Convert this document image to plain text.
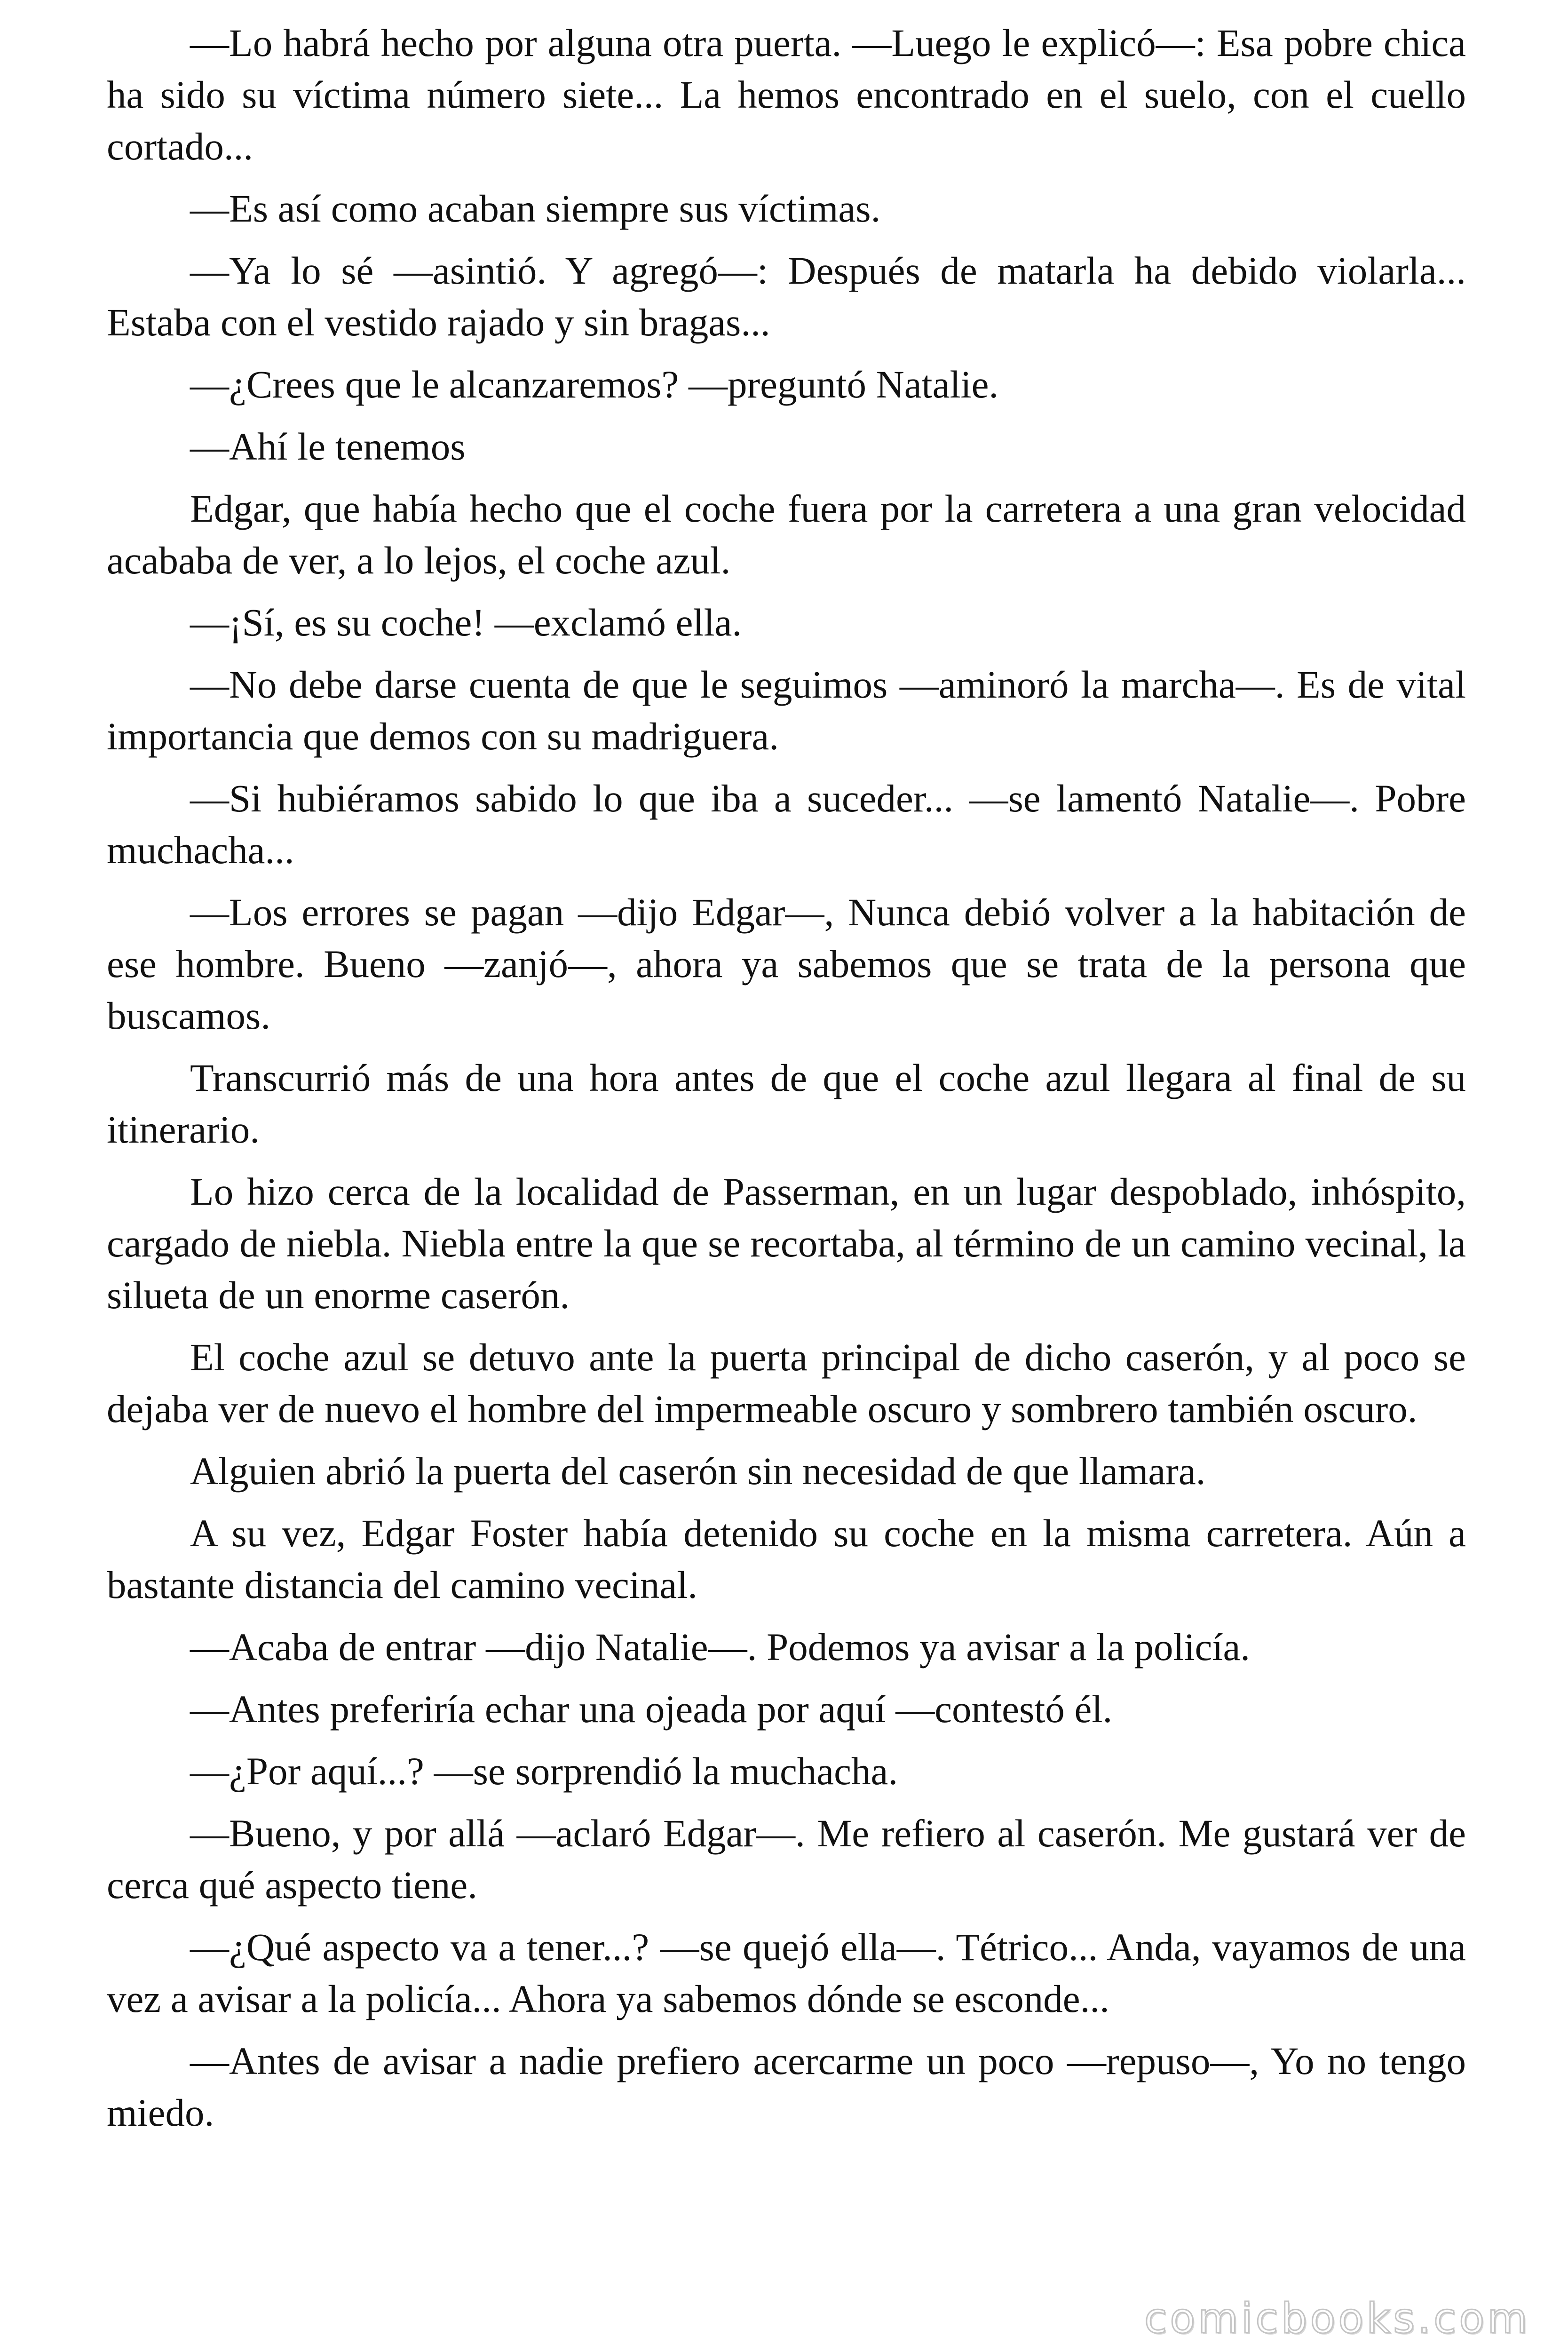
—Lo habrá hecho por alguna otra puerta. —Luego le explicó—: Esa pobre chica ha sido su víctima número siete... La hemos encontrado en el suelo, con el cuello cortado...

—Es así como acaban siempre sus víctimas.

—Ya lo sé —asintió. Y agregó—: Después de matarla ha debido violarla... Estaba con el vestido rajado y sin bragas...

—¿Crees que le alcanzaremos? —preguntó Natalie.

—Ahí le tenemos

Edgar, que había hecho que el coche fuera por la carretera a una gran velocidad acababa de ver, a lo lejos, el coche azul.

—¡Sí, es su coche! —exclamó ella.

—No debe darse cuenta de que le seguimos —aminoró la marcha—. Es de vital importancia que demos con su madriguera.

—Si hubiéramos sabido lo que iba a suceder... —se lamentó Natalie—. Pobre muchacha...

—Los errores se pagan —dijo Edgar—, Nunca debió volver a la habitación de ese hombre. Bueno —zanjó—, ahora ya sabemos que se trata de la persona que buscamos.

Transcurrió más de una hora antes de que el coche azul llegara al final de su itinerario.

Lo hizo cerca de la localidad de Passerman, en un lugar despoblado, inhóspito, cargado de niebla. Niebla entre la que se recortaba, al término de un camino vecinal, la silueta de un enorme caserón.

El coche azul se detuvo ante la puerta principal de dicho caserón, y al poco se dejaba ver de nuevo el hombre del impermeable oscuro y sombrero también oscuro.

Alguien abrió la puerta del caserón sin necesidad de que llamara.

A su vez, Edgar Foster había detenido su coche en la misma carretera. Aún a bastante distancia del camino vecinal.

—Acaba de entrar —dijo Natalie—. Podemos ya avisar a la policía.

—Antes preferiría echar una ojeada por aquí —contestó él.

—¿Por aquí...? —se sorprendió la muchacha.

—Bueno, y por allá —aclaró Edgar—. Me refiero al caserón. Me gustará ver de cerca qué aspecto tiene.

—¿Qué aspecto va a tener...? —se quejó ella—. Tétrico... Anda, vayamos de una vez a avisar a la policía... Ahora ya sabemos dónde se esconde...

—Antes de avisar a nadie prefiero acercarme un poco —repuso—, Yo no tengo miedo.

comicbooks.com
